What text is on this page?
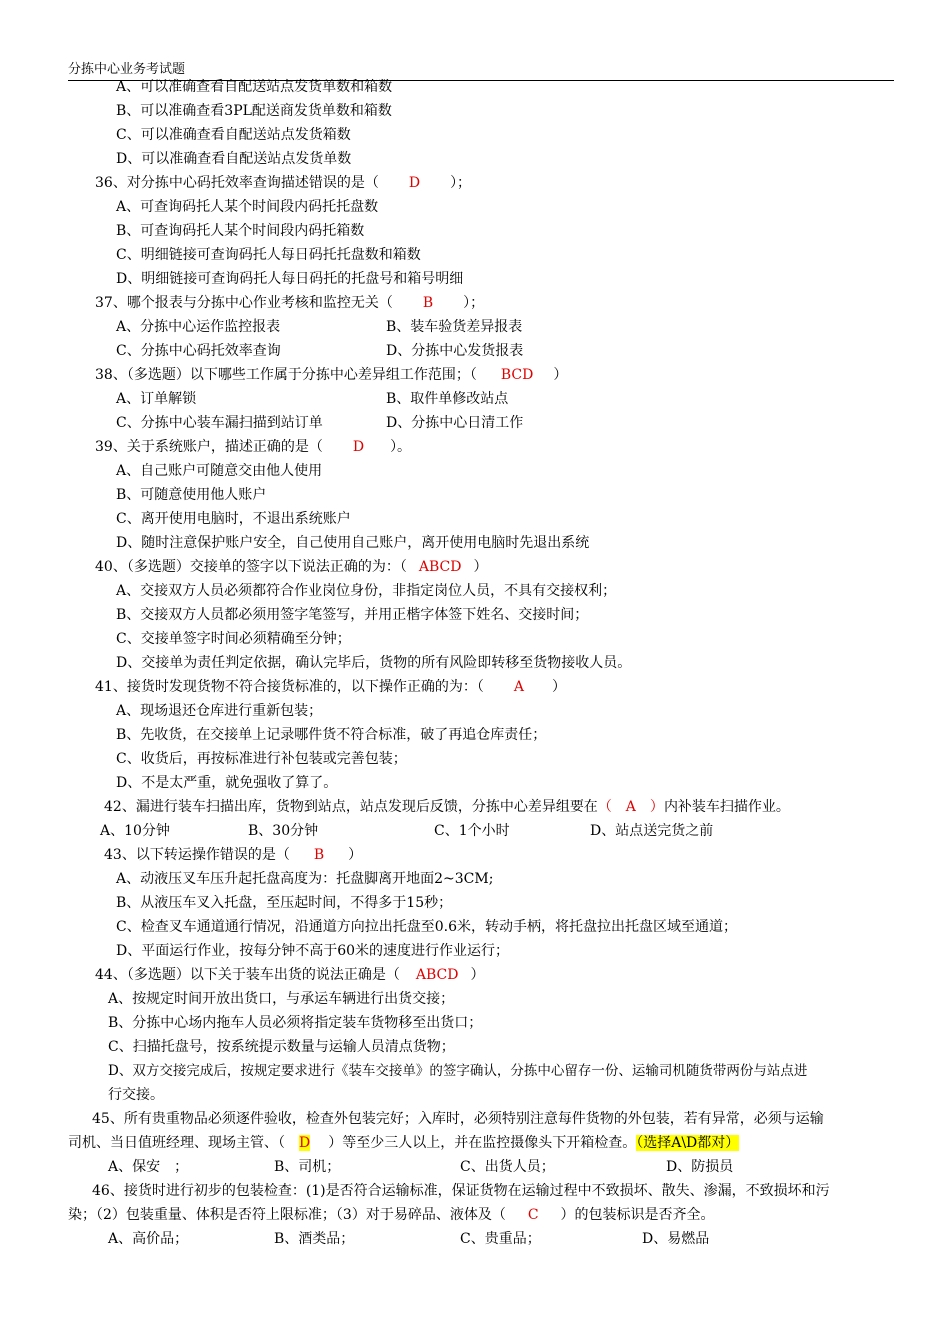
分拣中心业务考试题
A、可以准确查看自配送站点发货单数和箱数
B、可以准确查看3PL配送商发货单数和箱数
C、可以准确查看自配送站点发货箱数
D、可以准确查看自配送站点发货单数
36、对分拣中心码托效率查询描述错误的是（ D ）；
A、可查询码托人某个时间段内码托托盘数
B、可查询码托人某个时间段内码托箱数
C、明细链接可查询码托人每日码托托盘数和箱数
D、明细链接可查询码托人每日码托的托盘号和箱号明细
37、哪个报表与分拣中心作业考核和监控无关（ B ）；
A、分拣中心运作监控报表	B、装车验货差异报表
C、分拣中心码托效率查询	D、分拣中心发货报表
38、（多选题）以下哪些工作属于分拣中心差异组工作范围；（ BCD ）
A、订单解锁	B、取件单修改站点
C、分拣中心装车漏扫描到站订单	D、分拣中心日清工作
39、关于系统账户，描述正确的是（ D ）。
A、自己账户可随意交由他人使用
B、可随意使用他人账户
C、离开使用电脑时，不退出系统账户
D、随时注意保护账户安全，自己使用自己账户，离开使用电脑时先退出系统
40、（多选题）交接单的签字以下说法正确的为：（ ABCD ）
A、交接双方人员必须都符合作业岗位身份，非指定岗位人员，不具有交接权利；
B、交接双方人员都必须用签字笔签写，并用正楷字体签下姓名、交接时间；
C、交接单签字时间必须精确至分钟；
D、交接单为责任判定依据，确认完毕后，货物的所有风险即转移至货物接收人员。
41、接货时发现货物不符合接货标准的，以下操作正确的为：（ A ）
A、现场退还仓库进行重新包装；
B、先收货，在交接单上记录哪件货不符合标准，破了再追仓库责任；
C、收货后，再按标准进行补包装或完善包装；
D、不是太严重，就免强收了算了。
42、漏进行装车扫描出库，货物到站点，站点发现后反馈，分拣中心差异组要在（　A　）内补装车扫描作业。
A、10分钟	B、30分钟	C、1个小时	D、站点送完货之前
43、以下转运操作错误的是（ B ）
A、动液压叉车压升起托盘高度为：托盘脚离开地面2~3CM;
B、从液压车叉入托盘，至压起时间，不得多于15秒；
C、检查叉车通道通行情况，沿通道方向拉出托盘至0.6米，转动手柄，将托盘拉出托盘区域至通道；
D、平面运行作业，按每分钟不高于60米的速度进行作业运行；
44、（多选题）以下关于装车出货的说法正确是（ ABCD ）
A、按规定时间开放出货口，与承运车辆进行出货交接；
B、分拣中心场内拖车人员必须将指定装车货物移至出货口；
C、扫描托盘号，按系统提示数量与运输人员清点货物；
D、双方交接完成后，按规定要求进行《装车交接单》的签字确认，分拣中心留存一份、运输司机随货带两份与站点进
行交接。
45、所有贵重物品必须逐件验收，检查外包装完好；入库时，必须特别注意每件货物的外包装，若有异常，必须与运输
司机、当日值班经理、现场主管、（ D ）等至少三人以上，并在监控摄像头下开箱检查。（选择A\D都对）
A、保安　；	B、司机；	C、出货人员；	D、防损员
46、接货时进行初步的包装检查：(1)是否符合运输标准，保证货物在运输过程中不致损坏、散失、渗漏，不致损坏和污
染；（2）包装重量、体积是否符上限标准；（3）对于易碎品、液体及（ C ）的包装标识是否齐全。
A、高价品；	B、酒类品；	C、贵重品；	D、易燃品
